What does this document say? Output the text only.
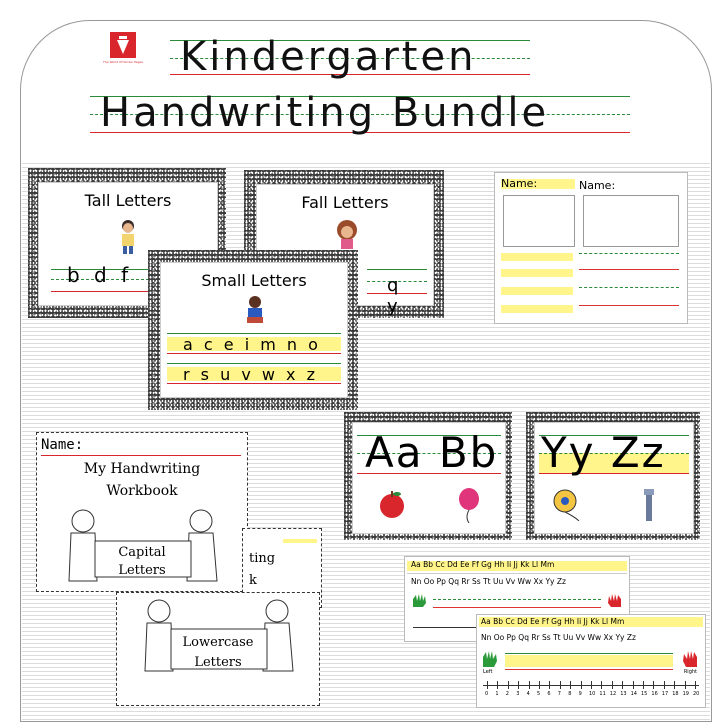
The World Of Kinder Pages Kindergarten
Handwriting Bundle
Tall Letters
b d f
Fall Letters
q y
Small Letters
a c e i m n o
r s u v w x z
Name:	Name:
Name:
My Handwriting
Workbook
Capital
Letters
ting
k
Lowercase
Letters
Aa Bb Yy Zz
Aa Bb Cc Dd Ee Ff Gg Hh Ii Jj Kk Ll Mm
Nn Oo Pp Qq Rr Ss Tt Uu Vv Ww Xx Yy Zz
Aa Bb Cc Dd Ee Ff Gg Hh Ii Jj Kk Ll Mm
Nn Oo Pp Qq Rr Ss Tt Uu Vv Ww Xx Yy Zz
Left	Right
0 1 2 3 4 5 6 7 8 9 10 11 12 13 14 15 16 17 18 19 20
